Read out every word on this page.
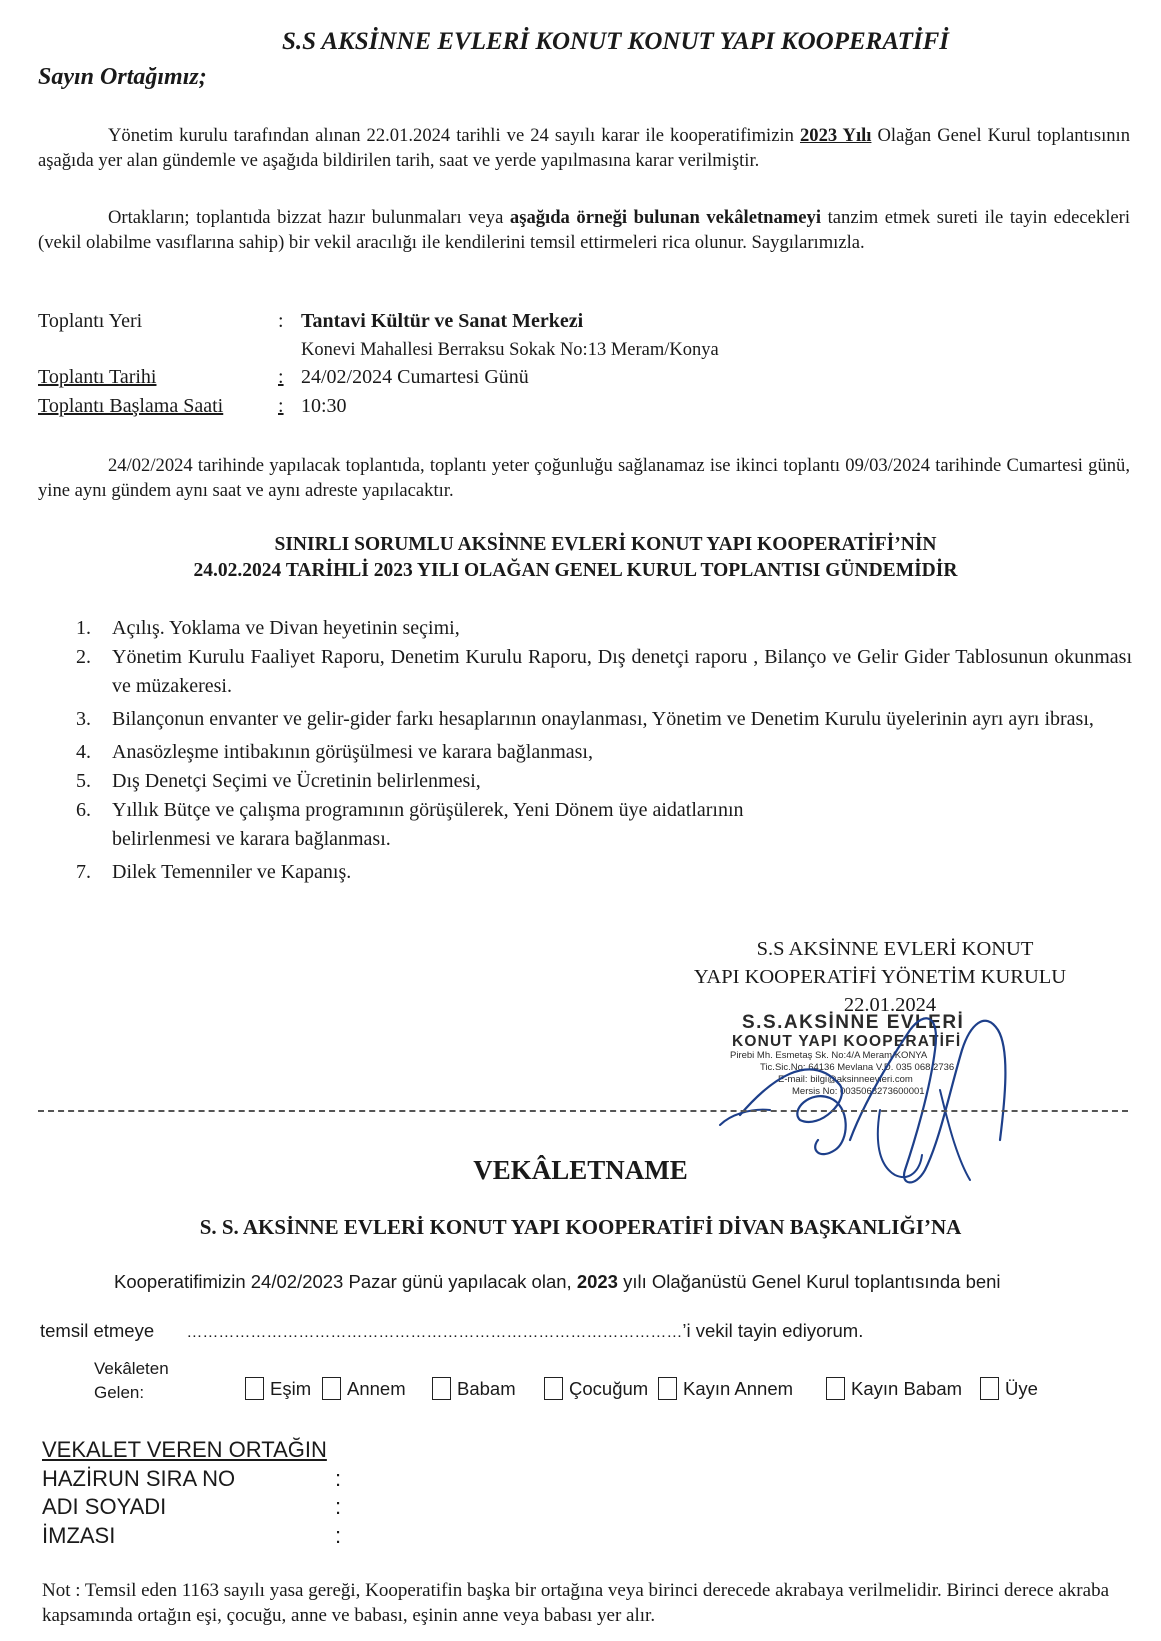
S.S AKSİNNE EVLERİ KONUT KONUT YAPI KOOPERATİFİ
Sayın Ortağımız;
Yönetim kurulu tarafından alınan 22.01.2024 tarihli ve 24 sayılı karar ile kooperatifimizin 2023 Yılı Olağan Genel Kurul toplantısının aşağıda yer alan gündemle ve aşağıda bildirilen tarih, saat ve yerde yapılmasına karar verilmiştir.
Ortakların; toplantıda bizzat hazır bulunmaları veya aşağıda örneği bulunan vekâletnameyi tanzim etmek sureti ile tayin edecekleri (vekil olabilme vasıflarına sahip) bir vekil aracılığı ile kendilerini temsil ettirmeleri rica olunur. Saygılarımızla.
Toplantı Yeri	: Tantavi Kültür ve Sanat Merkezi
Konevi Mahallesi Berraksu Sokak No:13 Meram/Konya
Toplantı Tarihi	: 24/02/2024 Cumartesi Günü
Toplantı Başlama Saati	: 10:30
24/02/2024 tarihinde yapılacak toplantıda, toplantı yeter çoğunluğu sağlanamaz ise ikinci toplantı 09/03/2024 tarihinde Cumartesi günü, yine aynı gündem aynı saat ve aynı adreste yapılacaktır.
SINIRLI SORUMLU AKSİNNE EVLERİ KONUT YAPI KOOPERATİFİ’NİN
24.02.2024 TARİHLİ 2023 YILI OLAĞAN GENEL KURUL TOPLANTISI GÜNDEMİDİR
1. Açılış. Yoklama ve Divan heyetinin seçimi,
2. Yönetim Kurulu Faaliyet Raporu, Denetim Kurulu Raporu, Dış denetçi raporu , Bilanço ve Gelir Gider Tablosunun okunması ve müzakeresi.
3. Bilançonun envanter ve gelir-gider farkı hesaplarının onaylanması, Yönetim ve Denetim Kurulu üyelerinin ayrı ayrı ibrası,
4. Anasözleşme intibakının görüşülmesi ve karara bağlanması,
5. Dış Denetçi Seçimi ve Ücretinin belirlenmesi,
6. Yıllık Bütçe ve çalışma programının görüşülerek, Yeni Dönem üye aidatlarının
belirlenmesi ve karara bağlanması.
7. Dilek Temenniler ve Kapanış.
S.S AKSİNNE EVLERİ KONUT
YAPI KOOPERATİFİ YÖNETİM KURULU
22.01.2024
S.S.AKSİNNE EVLERİ
KONUT YAPI KOOPERATİFİ
Pirebi Mh. Esmetaş Sk. No:4/A Meram/KONYA
Tic.Sic.No: 64136 Mevlana V.D. 035 068 2736
E-mail: bilgi@aksinneevleri.com
Mersis No: 0035068273600001
VEKÂLETNAME
S. S. AKSİNNE EVLERİ KONUT YAPI KOOPERATİFİ DİVAN BAŞKANLIĞI’NA
Kooperatifimizin 24/02/2023 Pazar günü yapılacak olan, 2023 yılı Olağanüstü Genel Kurul toplantısında beni
temsil etmeye …………………………………………………………………………………’i vekil tayin ediyorum.
Vekâleten
Gelen:	Eşim Annem	Babam	Çocuğum Kayın Annem	Kayın Babam Üye
VEKALET VEREN ORTAĞIN
HAZİRUN SIRA NO	:
ADI SOYADI	:
İMZASI	:
Not : Temsil eden 1163 sayılı yasa gereği, Kooperatifin başka bir ortağına veya birinci derecede akrabaya verilmelidir. Birinci derece akraba kapsamında ortağın eşi, çocuğu, anne ve babası, eşinin anne veya babası yer alır.
